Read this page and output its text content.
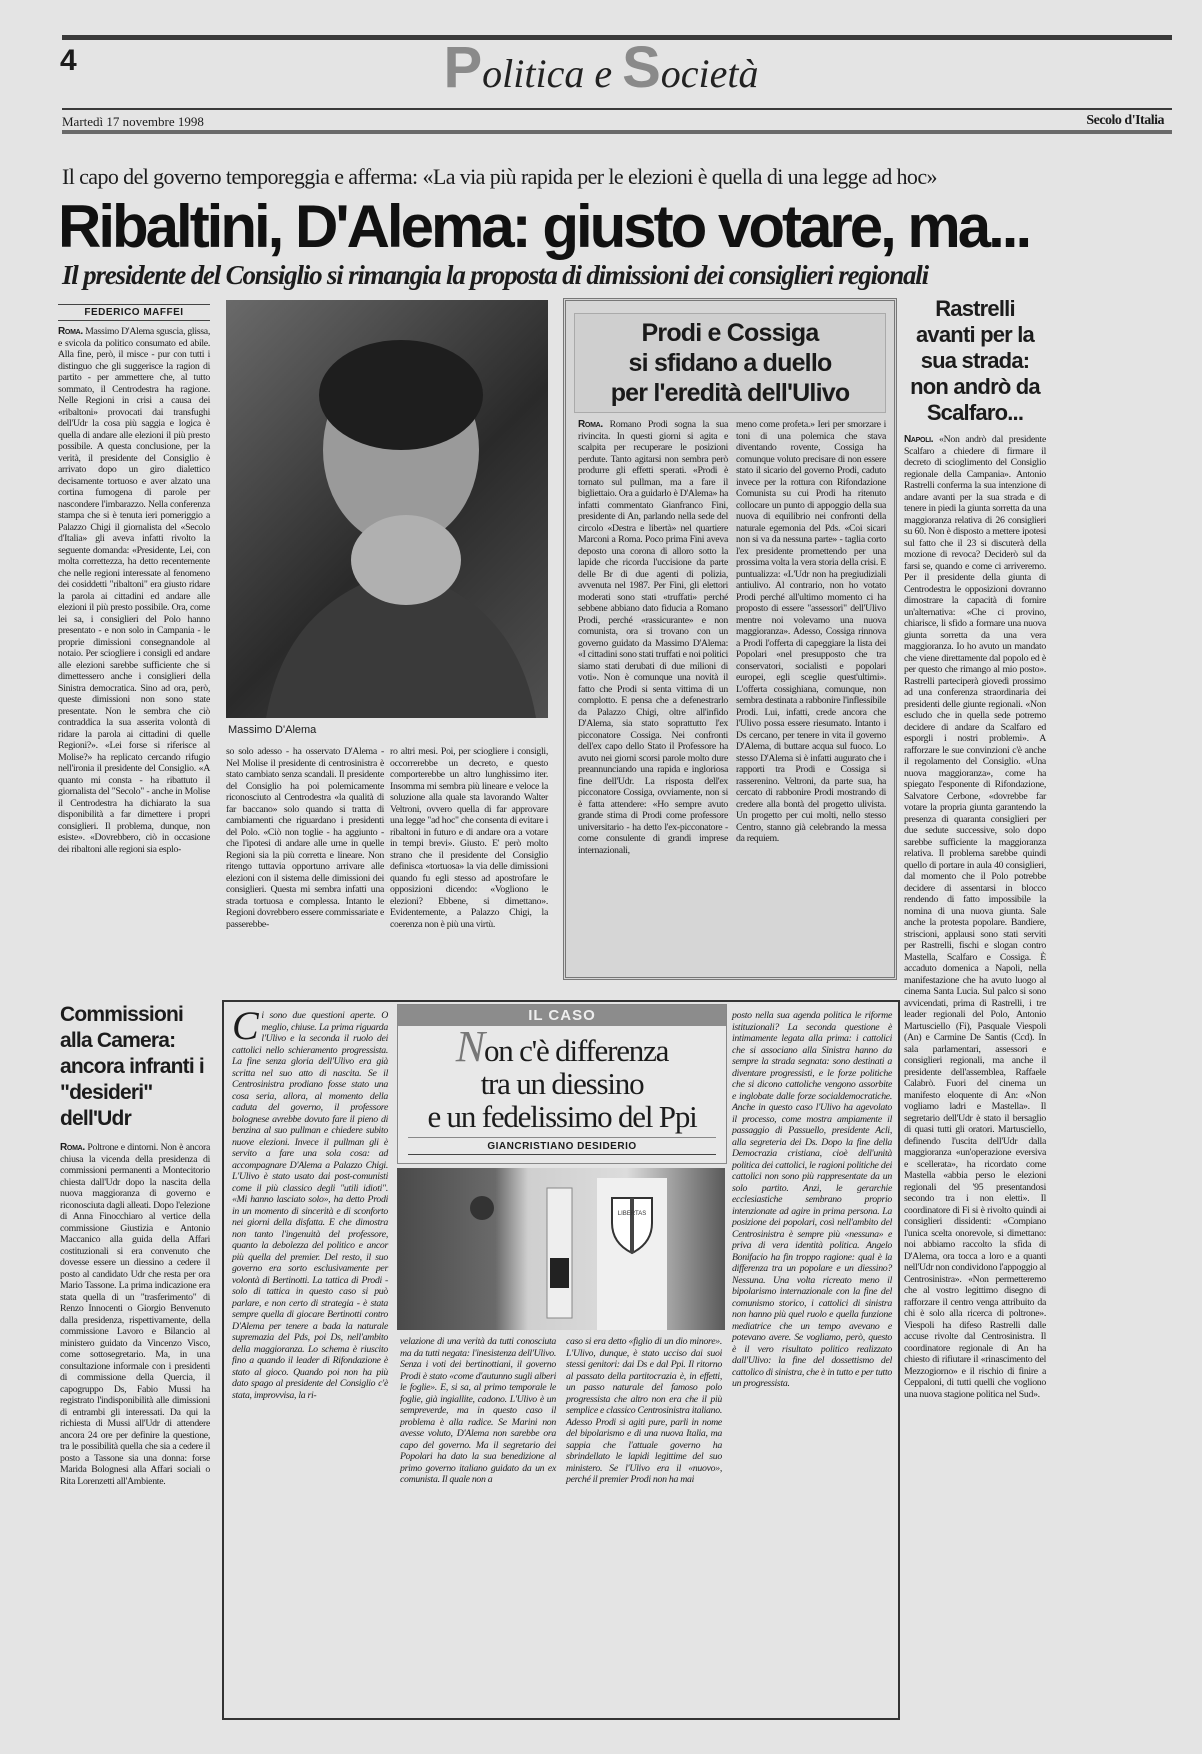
4	Politica e Società
Martedì 17 novembre 1998	Secolo d'Italia
Il capo del governo temporeggia e afferma: «La via più rapida per le elezioni è quella di una legge ad hoc»
Ribaltini, D'Alema: giusto votare, ma...
Il presidente del Consiglio si rimangia la proposta di dimissioni dei consiglieri regionali
FEDERICO MAFFEI
Roma. Massimo D'Alema sguscia, glissa, e svicola da politico consumato ed abile. Alla fine, però, il misce - pur con tutti i distinguo che gli suggerisce la ragion di partito - per ammettere che, al tutto sommato, il Centrodestra ha ragione. Nelle Regioni in crisi a causa dei «ribaltoni» provocati dai transfughi dell'Udr la cosa più saggia e logica è quella di andare alle elezioni il più presto possibile. A questa conclusione, per la verità, il presidente del Consiglio è arrivato dopo un giro dialettico decisamente tortuoso e aver alzato una cortina fumogena di parole per nascondere l'imbarazzo. Nella conferenza stampa che si è tenuta ieri pomeriggio a Palazzo Chigi il giornalista del «Secolo d'Italia» gli aveva infatti rivolto la seguente domanda: «Presidente, Lei, con molta correttezza, ha detto recentemente che nelle regioni interessate al fenomeno dei cosiddetti "ribaltoni" era giusto ridare la parola ai cittadini ed andare alle elezioni il più presto possibile. Ora, come lei sa, i consiglieri del Polo hanno presentato - e non solo in Campania - le proprie dimissioni consegnandole al notaio. Per sciogliere i consigli ed andare alle elezioni sarebbe sufficiente che si dimettessero anche i consiglieri della Sinistra democratica. Sino ad ora, però, queste dimissioni non sono state presentate. Non le sembra che ciò contraddica la sua asserita volontà di ridare la parola ai cittadini di quelle Regioni?». «Lei forse si riferisce al Molise?» ha replicato cercando rifugio nell'ironia il presidente del Consiglio. «A quanto mi consta - ha ribattuto il giornalista del "Secolo" - anche in Molise il Centrodestra ha dichiarato la sua disponibilità a far dimettere i propri consiglieri. Il problema, dunque, non esiste». «Dovrebbero, ciò in occasione dei ribaltoni alle regioni sia esplo-
Massimo D'Alema
so solo adesso - ha osservato D'Alema - Nel Molise il presidente di centrosinistra è stato cambiato senza scandali. Il presidente del Consiglio ha poi polemicamente riconosciuto al Centrodestra «la qualità di far baccano» solo quando si tratta di cambiamenti che riguardano i presidenti del Polo. «Ciò non toglie - ha aggiunto - che l'ipotesi di andare alle urne in quelle Regioni sia la più corretta e lineare. Non ritengo tuttavia opportuno arrivare alle elezioni con il sistema delle dimissioni dei consiglieri. Questa mi sembra infatti una strada tortuosa e complessa. Intanto le Regioni dovrebbero essere commissariate e passerebbe-
ro altri mesi. Poi, per sciogliere i consigli, occorrerebbe un decreto, e questo comporterebbe un altro lunghissimo iter. Insomma mi sembra più lineare e veloce la soluzione alla quale sta lavorando Walter Veltroni, ovvero quella di far approvare una legge "ad hoc" che consenta di evitare i ribaltoni in futuro e di andare ora a votare in tempi brevi». Giusto. E' però molto strano che il presidente del Consiglio definisca «tortuosa» la via delle dimissioni quando fu egli stesso ad apostrofare le opposizioni dicendo: «Vogliono le elezioni? Ebbene, si dimettano». Evidentemente, a Palazzo Chigi, la coerenza non è più una virtù.
Prodi e Cossiga
si sfidano a duello
per l'eredità dell'Ulivo
Roma. Romano Prodi sogna la sua rivincita. In questi giorni si agita e scalpita per recuperare le posizioni perdute. Tanto agitarsi non sembra però produrre gli effetti sperati. «Prodi è tornato sul pullman, ma a fare il bigliettaio. Ora a guidarlo è D'Alema» ha infatti commentato Gianfranco Fini, presidente di An, parlando nella sede del circolo «Destra e libertà» nel quartiere Marconi a Roma. Poco prima Fini aveva deposto una corona di alloro sotto la lapide che ricorda l'uccisione da parte delle Br di due agenti di polizia, avvenuta nel 1987. Per Fini, gli elettori moderati sono stati «truffati» perché sebbene abbiano dato fiducia a Romano Prodi, perché «rassicurante» e non comunista, ora si trovano con un governo guidato da Massimo D'Alema: «I cittadini sono stati truffati e noi politici siamo stati derubati di due milioni di voti». Non è comunque una novità il fatto che Prodi si senta vittima di un complotto. E pensa che a defenestrarlo da Palazzo Chigi, oltre all'infido D'Alema, sia stato soprattutto l'ex picconatore Cossiga. Nei confronti dell'ex capo dello Stato il Professore ha avuto nei giorni scorsi parole molto dure preannunciando una rapida e ingloriosa fine dell'Udr. La risposta dell'ex picconatore Cossiga, ovviamente, non si è fatta attendere: «Ho sempre avuto grande stima di Prodi come professore universitario - ha detto l'ex-picconatore - come consulente di grandi imprese internazionali,
meno come profeta.» Ieri per smorzare i toni di una polemica che stava diventando rovente, Cossiga ha comunque voluto precisare di non essere stato il sicario del governo Prodi, caduto invece per la rottura con Rifondazione Comunista su cui Prodi ha ritenuto collocare un punto di appoggio della sua nuova di equilibrio nei confronti della naturale egemonia del Pds. «Coi sicari non si va da nessuna parte» - taglia corto l'ex presidente promettendo per una prossima volta la vera storia della crisi. E puntualizza: «L'Udr non ha pregiudiziali antiulivo. Al contrario, non ho votato Prodi perché all'ultimo momento ci ha proposto di essere "assessori" dell'Ulivo mentre noi volevamo una nuova maggioranza». Adesso, Cossiga rinnova a Prodi l'offerta di capeggiare la lista dei Popolari «nel presupposto che tra conservatori, socialisti e popolari europei, egli sceglie quest'ultimi». L'offerta cossighiana, comunque, non sembra destinata a rabbonire l'inflessibile Prodi. Lui, infatti, crede ancora che l'Ulivo possa essere riesumato. Intanto i Ds cercano, per tenere in vita il governo D'Alema, di buttare acqua sul fuoco. Lo stesso D'Alema si è infatti augurato che i rapporti tra Prodi e Cossiga si rasserenino. Veltroni, da parte sua, ha cercato di rabbonire Prodi mostrando di credere alla bontà del progetto ulivista. Un progetto per cui molti, nello stesso Centro, stanno già celebrando la messa da requiem.
Rastrelli avanti per la sua strada: non andrò da Scalfaro...
Napoli. «Non andrò dal presidente Scalfaro a chiedere di firmare il decreto di scioglimento del Consiglio regionale della Campania». Antonio Rastrelli conferma la sua intenzione di andare avanti per la sua strada e di tenere in piedi la giunta sorretta da una maggioranza relativa di 26 consiglieri su 60. Non è disposto a mettere ipotesi sul fatto che il 23 si discuterà della mozione di revoca? Deciderò sul da farsi se, quando e come ci arriveremo. Per il presidente della giunta di Centrodestra le opposizioni dovranno dimostrare la capacità di fornire un'alternativa: «Che ci provino, chiarisce, li sfido a formare una nuova giunta sorretta da una vera maggioranza. Io ho avuto un mandato che viene direttamente dal popolo ed è per questo che rimango al mio posto». Rastrelli parteciperà giovedì prossimo ad una conferenza straordinaria dei presidenti delle giunte regionali. «Non escludo che in quella sede potremo decidere di andare da Scalfaro ed esporgli i nostri problemi». A rafforzare le sue convinzioni c'è anche il regolamento del Consiglio. «Una nuova maggioranza», come ha spiegato l'esponente di Rifondazione, Salvatore Cerbone, «dovrebbe far votare la propria giunta garantendo la presenza di quaranta consiglieri per due sedute successive, solo dopo sarebbe sufficiente la maggioranza relativa. Il problema sarebbe quindi quello di portare in aula 40 consiglieri, dal momento che il Polo potrebbe decidere di assentarsi in blocco rendendo di fatto impossibile la nomina di una nuova giunta. Sale anche la protesta popolare. Bandiere, striscioni, applausi sono stati serviti per Rastrelli, fischi e slogan contro Mastella, Scalfaro e Cossiga. È accaduto domenica a Napoli, nella manifestazione che ha avuto luogo al cinema Santa Lucia. Sul palco si sono avvicendati, prima di Rastrelli, i tre leader regionali del Polo, Antonio Martusciello (Fi), Pasquale Viespoli (An) e Carmine De Santis (Ccd). In sala parlamentari, assessori e consiglieri regionali, ma anche il presidente dell'assemblea, Raffaele Calabrò. Fuori del cinema un manifesto eloquente di An: «Non vogliamo ladri e Mastella». Il segretario dell'Udr è stato il bersaglio di quasi tutti gli oratori. Martusciello, definendo l'uscita dell'Udr dalla maggioranza «un'operazione eversiva e scellerata», ha ricordato come Mastella «abbia perso le elezioni regionali del '95 presentandosi secondo tra i non eletti». Il coordinatore di Fi si è rivolto quindi ai consiglieri dissidenti: «Compiano l'unica scelta onorevole, si dimettano: noi abbiamo raccolto la sfida di D'Alema, ora tocca a loro e a quanti nell'Udr non condividono l'appoggio al Centrosinistra». «Non permetteremo che al vostro legittimo disegno di rafforzare il centro venga attribuito da chi è solo alla ricerca di poltrone». Viespoli ha difeso Rastrelli dalle accuse rivolte dal Centrosinistra. Il coordinatore regionale di An ha chiesto di rifiutare il «rinascimento del Mezzogiorno» e il rischio di finire a Ceppaloni, di tutti quelli che vogliono una nuova stagione politica nel Sud».
Commissioni alla Camera: ancora infranti i "desideri" dell'Udr
Roma. Poltrone e dintorni. Non è ancora chiusa la vicenda della presidenza di commissioni permanenti a Montecitorio chiesta dall'Udr dopo la nascita della nuova maggioranza di governo e riconosciuta dagli alleati. Dopo l'elezione di Anna Finocchiaro al vertice della commissione Giustizia e Antonio Maccanico alla guida della Affari costituzionali si era convenuto che dovesse essere un diessino a cedere il posto al candidato Udr che resta per ora Mario Tassone. La prima indicazione era stata quella di un "trasferimento" di Renzo Innocenti o Giorgio Benvenuto dalla presidenza, rispettivamente, della commissione Lavoro e Bilancio al ministero guidato da Vincenzo Visco, come sottosegretario. Ma, in una consultazione informale con i presidenti di commissione della Quercia, il capogruppo Ds, Fabio Mussi ha registrato l'indisponibilità alle dimissioni di entrambi gli interessati. Da qui la richiesta di Mussi all'Udr di attendere ancora 24 ore per definire la questione, tra le possibilità quella che sia a cedere il posto a Tassone sia una donna: forse Marida Bolognesi alla Affari sociali o Rita Lorenzetti all'Ambiente.
Ci sono due questioni aperte. O meglio, chiuse. La prima riguarda l'Ulivo e la seconda il ruolo dei cattolici nello schieramento progressista. La fine senza gloria dell'Ulivo era già scritta nel suo atto di nascita. Se il Centrosinistra prodiano fosse stato una cosa seria, allora, al momento della caduta del governo, il professore bolognese avrebbe dovuto fare il pieno di benzina al suo pullman e chiedere subito nuove elezioni. Invece il pullman gli è servito a fare una sola cosa: ad accompagnare D'Alema a Palazzo Chigi. L'Ulivo è stato usato dai post-comunisti come il più classico degli "utili idioti". «Mi hanno lasciato solo», ha detto Prodi in un momento di sincerità e di sconforto nei giorni della disfatta. E che dimostra non tanto l'ingenuità del professore, quanto la debolezza del politico e ancor più quella del premier. Del resto, il suo governo era sorto esclusivamente per volontà di Bertinotti. La tattica di Prodi - solo di tattica in questo caso si può parlare, e non certo di strategia - è stata sempre quella di giocare Bertinotti contro D'Alema per tenere a bada la naturale supremazia del Pds, poi Ds, nell'ambito della maggioranza. Lo schema è riuscito fino a quando il leader di Rifondazione è stato al gioco. Quando poi non ha più dato spago al presidente del Consiglio c'è stata, improvvisa, la ri-
IL CASO
Non c'è differenza
tra un diessino
e un fedelissimo del Ppi
GIANCRISTIANO DESIDERIO
LIBERTAS
velazione di una verità da tutti conosciuta ma da tutti negata: l'inesistenza dell'Ulivo. Senza i voti dei bertinottiani, il governo Prodi è stato «come d'autunno sugli alberi le foglie». E, si sa, al primo temporale le foglie, già ingiallite, cadono. L'Ulivo è un sempreverde, ma in questo caso il problema è alla radice. Se Marini non avesse voluto, D'Alema non sarebbe ora capo del governo. Ma il segretario dei Popolari ha dato la sua benedizione al primo governo italiano guidato da un ex comunista. Il quale non a
caso si era detto «figlio di un dio minore». L'Ulivo, dunque, è stato ucciso dai suoi stessi genitori: dai Ds e dal Ppi. Il ritorno al passato della partitocrazia è, in effetti, un passo naturale del famoso polo progressista che altro non era che il più semplice e classico Centrosinistra italiano. Adesso Prodi si agiti pure, parli in nome del bipolarismo e di una nuova Italia, ma sappia che l'attuale governo ha sbrindellato le lapidi legittime del suo ministero. Se l'Ulivo era il «nuovo», perché il premier Prodi non ha mai
posto nella sua agenda politica le riforme istituzionali? La seconda questione è intimamente legata alla prima: i cattolici che si associano alla Sinistra hanno da sempre la strada segnata: sono destinati a diventare progressisti, e le forze politiche che si dicono cattoliche vengono assorbite e inglobate dalle forze socialdemocratiche. Anche in questo caso l'Ulivo ha agevolato il processo, come mostra ampiamente il passaggio di Passuello, presidente Acli, alla segreteria dei Ds. Dopo la fine della Democrazia cristiana, cioè dell'unità politica dei cattolici, le ragioni politiche dei cattolici non sono più rappresentate da un solo partito. Anzi, le gerarchie ecclesiastiche sembrano proprio intenzionate ad agire in prima persona. La posizione dei popolari, così nell'ambito del Centrosinistra è sempre più «nessuna» e priva di vera identità politica. Angelo Bonifacio ha fin troppo ragione: qual è la differenza tra un popolare e un diessino? Nessuna. Una volta ricreato meno il bipolarismo internazionale con la fine del comunismo storico, i cattolici di sinistra non hanno più quel ruolo e quella funzione mediatrice che un tempo avevano e potevano avere. Se vogliamo, però, questo è il vero risultato politico realizzato dall'Ulivo: la fine del dossettismo del cattolico di sinistra, che è in tutto e per tutto un progressista.
